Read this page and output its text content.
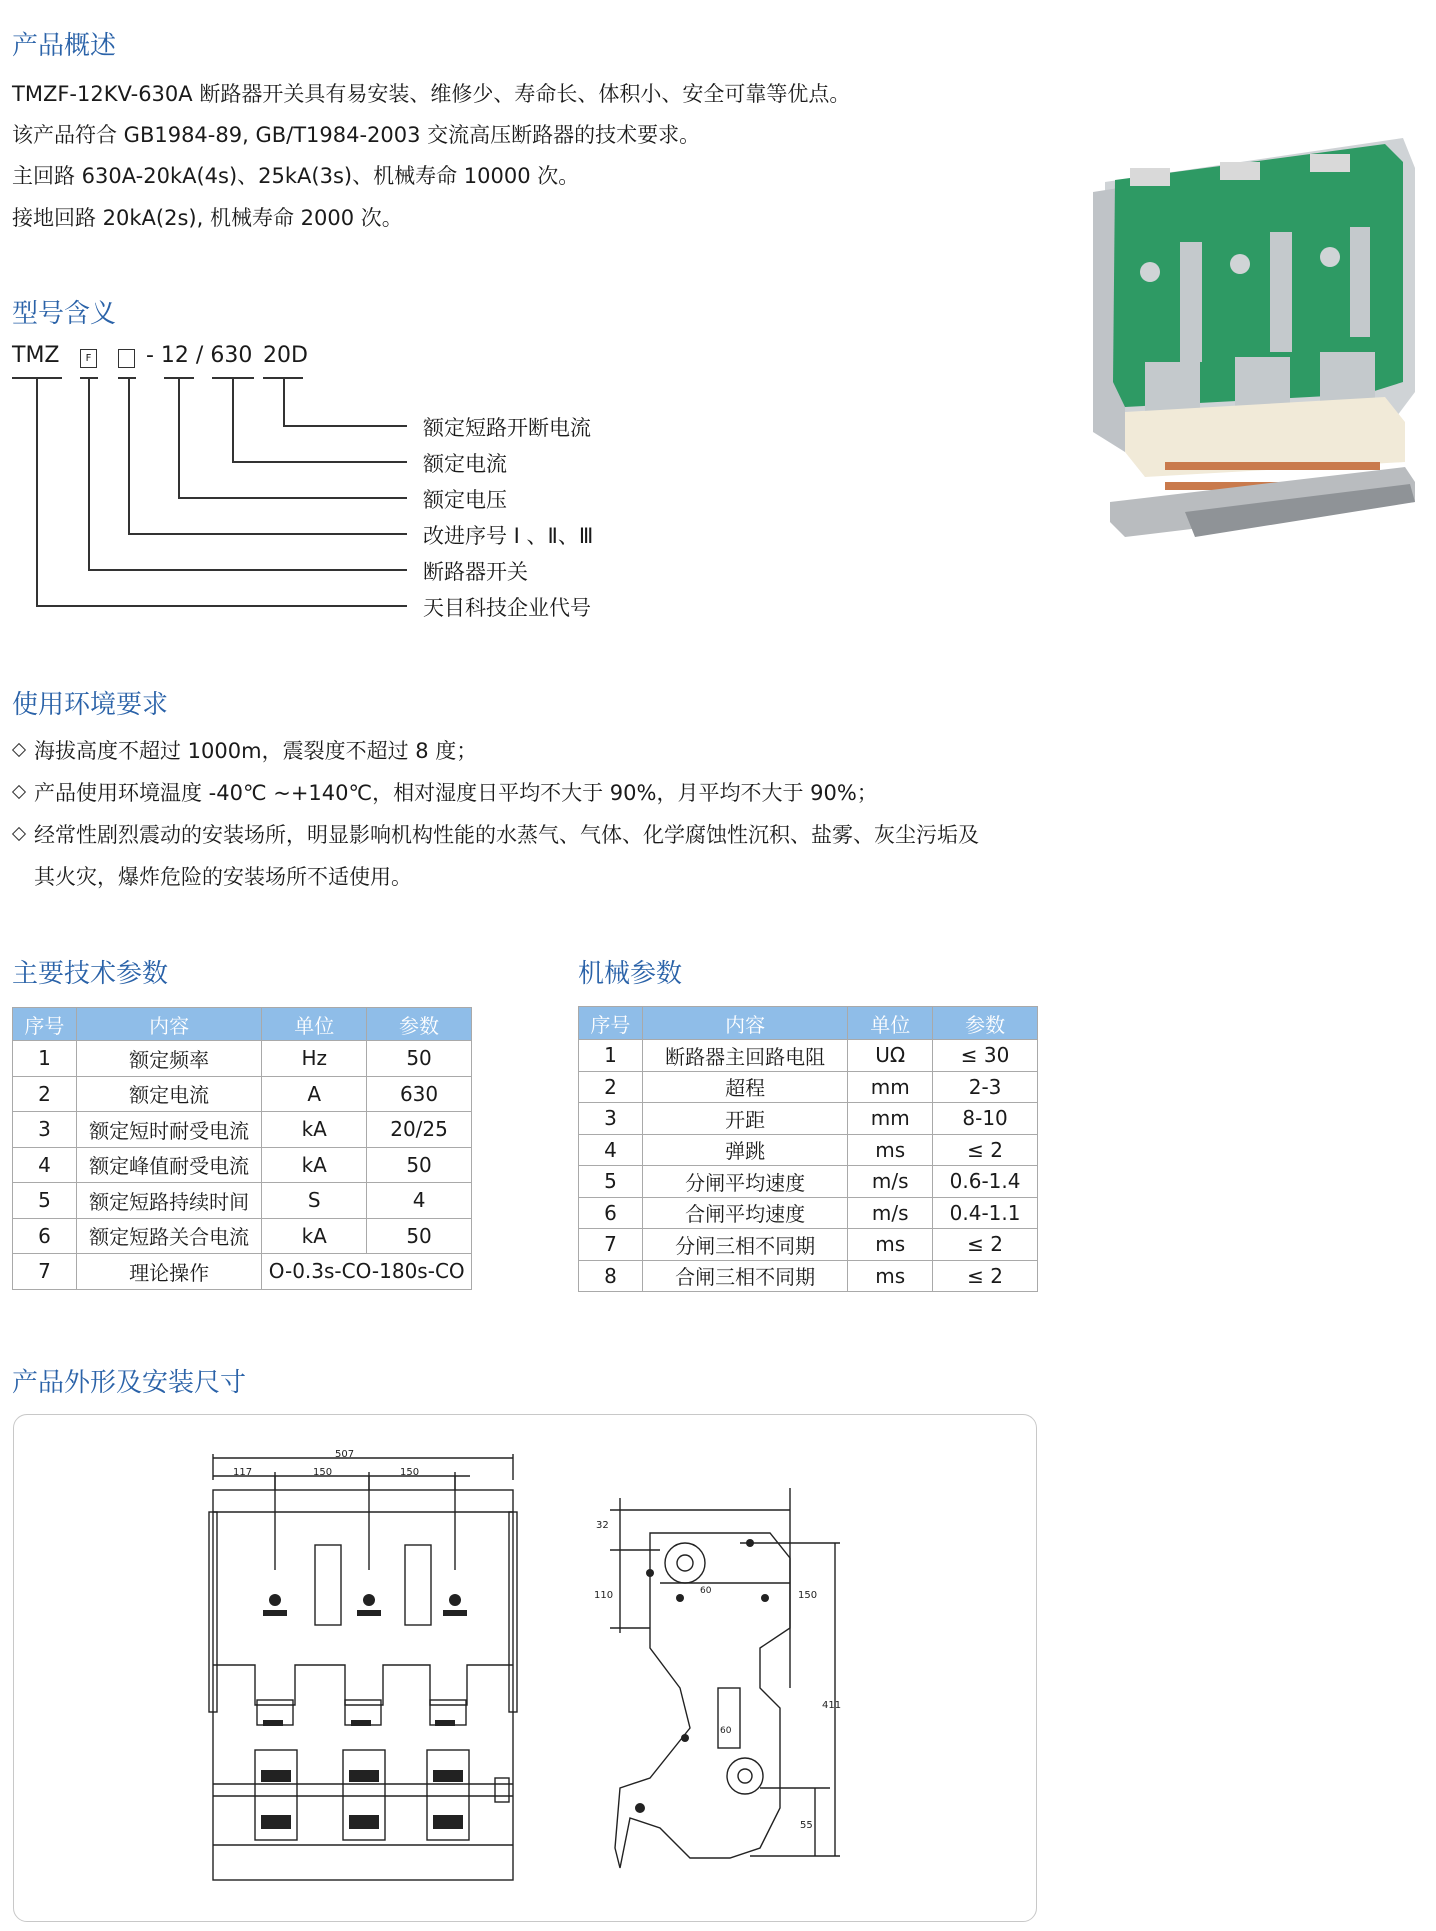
产品概述
TMZF-12KV-630A 断路器开关具有易安装、维修少、寿命长、体积小、安全可靠等优点。
该产品符合 GB1984-89, GB/T1984-2003 交流高压断路器的技术要求。
主回路 630A-20kA(4s)、25kA(3s)、机械寿命 10000 次。
接地回路 20kA(2s), 机械寿命 2000 次。
型号含义
TMZ	F - 12 / 630 20D
额定短路开断电流
额定电流
额定电压
改进序号 Ⅰ 、Ⅱ、Ⅲ
断路器开关
天目科技企业代号
使用环境要求
海拔高度不超过 1000m，震裂度不超过 8 度；
产品使用环境温度 -40℃ ~+140℃，相对湿度日平均不大于 90%，月平均不大于 90%；
经常性剧烈震动的安装场所，明显影响机构性能的水蒸气、气体、化学腐蚀性沉积、盐雾、灰尘污垢及
其火灾，爆炸危险的安装场所不适使用。
主要技术参数
序号	内容	单位	参数
1	额定频率	Hz	50
2	额定电流	A	630
3	额定短时耐受电流	kA	20/25
4	额定峰值耐受电流	kA	50
5	额定短路持续时间	S	4
6	额定短路关合电流	kA	50
7	理论操作	O-0.3s-CO-180s-CO	
机械参数
序号	内容	单位	参数
1	断路器主回路电阻	UΩ	≤ 30
2	超程	mm	2-3
3	开距	mm	8-10
4	弹跳	ms	≤ 2
5	分闸平均速度	m/s	0.6-1.4
6	合闸平均速度	m/s	0.4-1.1
7	分闸三相不同期	ms	≤ 2
8	合闸三相不同期	ms	≤ 2
产品外形及安装尺寸
507
117	150	150
32
110	150
411
55
60
60
